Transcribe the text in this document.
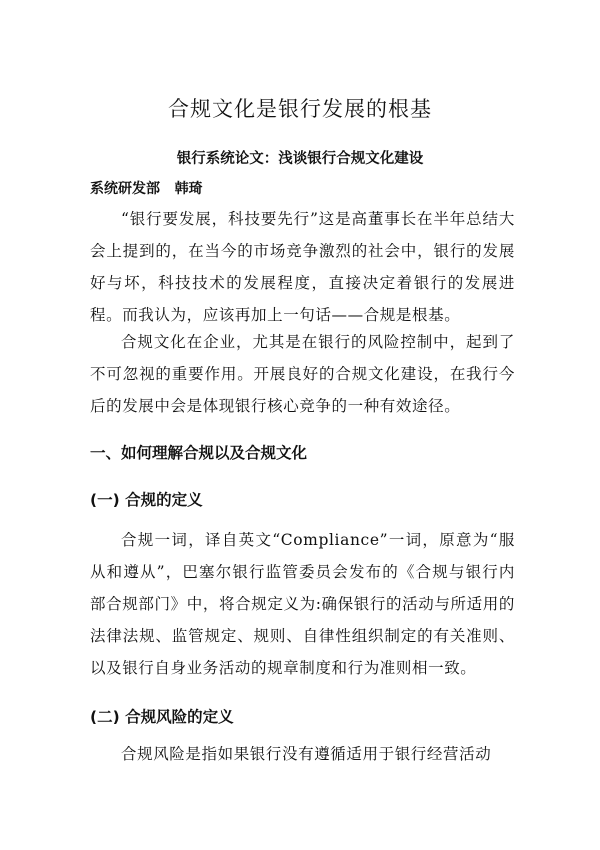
合规文化是银行发展的根基

银行系统论文：浅谈银行合规文化建设

系统研发部   韩琦

“银行要发展，科技要先行”这是高董事长在半年总结大会上提到的，在当今的市场竞争激烈的社会中，银行的发展好与坏，科技技术的发展程度，直接决定着银行的发展进程。而我认为，应该再加上一句话——合规是根基。

合规文化在企业，尤其是在银行的风险控制中，起到了不可忽视的重要作用。开展良好的合规文化建设，在我行今后的发展中会是体现银行核心竞争的一种有效途径。

一、如何理解合规以及合规文化

(一) 合规的定义

合规一词，译自英文“Compliance”一词，原意为“服从和遵从”，巴塞尔银行监管委员会发布的《合规与银行内部合规部门》中，将合规定义为:确保银行的活动与所适用的法律法规、监管规定、规则、自律性组织制定的有关准则、以及银行自身业务活动的规章制度和行为准则相一致。

(二) 合规风险的定义

合规风险是指如果银行没有遵循适用于银行经营活动
